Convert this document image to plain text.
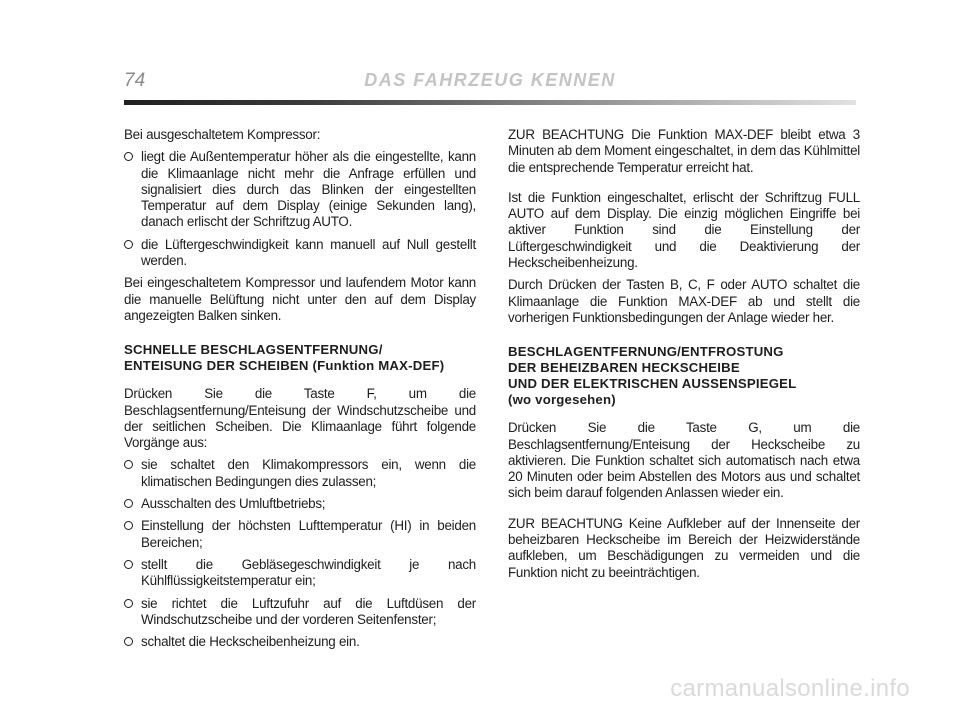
74	DAS FAHRZEUG KENNEN

Bei ausgeschaltetem Kompressor:

liegt die Außentemperatur höher als die eingestellte, kann die Klimaanlage nicht mehr die Anfrage erfüllen und signalisiert dies durch das Blinken der eingestellten Temperatur auf dem Display (einige Sekunden lang), danach erlischt der Schriftzug AUTO.
die Lüftergeschwindigkeit kann manuell auf Null gestellt werden.

Bei eingeschaltetem Kompressor und laufendem Motor kann die manuelle Belüftung nicht unter den auf dem Display angezeigten Balken sinken.

SCHNELLE BESCHLAGSENTFERNUNG/
ENTEISUNG DER SCHEIBEN (Funktion MAX-DEF)

Drücken Sie die Taste F, um die Beschlagsentfernung/Enteisung der Windschutzscheibe und der seitlichen Scheiben. Die Klimaanlage führt folgende Vorgänge aus:

sie schaltet den Klimakompressors ein, wenn die klimatischen Bedingungen dies zulassen;
Ausschalten des Umluftbetriebs;
Einstellung der höchsten Lufttemperatur (HI) in beiden Bereichen;
stellt die Gebläsegeschwindigkeit je nach Kühlflüssigkeitstemperatur ein;
sie richtet die Luftzufuhr auf die Luftdüsen der Windschutzscheibe und der vorderen Seitenfenster;
schaltet die Heckscheibenheizung ein.

ZUR BEACHTUNG Die Funktion MAX-DEF bleibt etwa 3 Minuten ab dem Moment eingeschaltet, in dem das Kühlmittel die entsprechende Temperatur erreicht hat.

Ist die Funktion eingeschaltet, erlischt der Schriftzug FULL AUTO auf dem Display. Die einzig möglichen Eingriffe bei aktiver Funktion sind die Einstellung der Lüftergeschwindigkeit und die Deaktivierung der Heckscheibenheizung.

Durch Drücken der Tasten B, C, F oder AUTO schaltet die Klimaanlage die Funktion MAX-DEF ab und stellt die vorherigen Funktionsbedingungen der Anlage wieder her.

BESCHLAGENTFERNUNG/ENTFROSTUNG
DER BEHEIZBAREN HECKSCHEIBE
UND DER ELEKTRISCHEN AUSSENSPIEGEL
(wo vorgesehen)

Drücken Sie die Taste G, um die Beschlagsentfernung/Enteisung der Heckscheibe zu aktivieren. Die Funktion schaltet sich automatisch nach etwa 20 Minuten oder beim Abstellen des Motors aus und schaltet sich beim darauf folgenden Anlassen wieder ein.

ZUR BEACHTUNG Keine Aufkleber auf der Innenseite der beheizbaren Heckscheibe im Bereich der Heizwiderstände aufkleben, um Beschädigungen zu vermeiden und die Funktion nicht zu beeinträchtigen.

carmanualsonline.info
